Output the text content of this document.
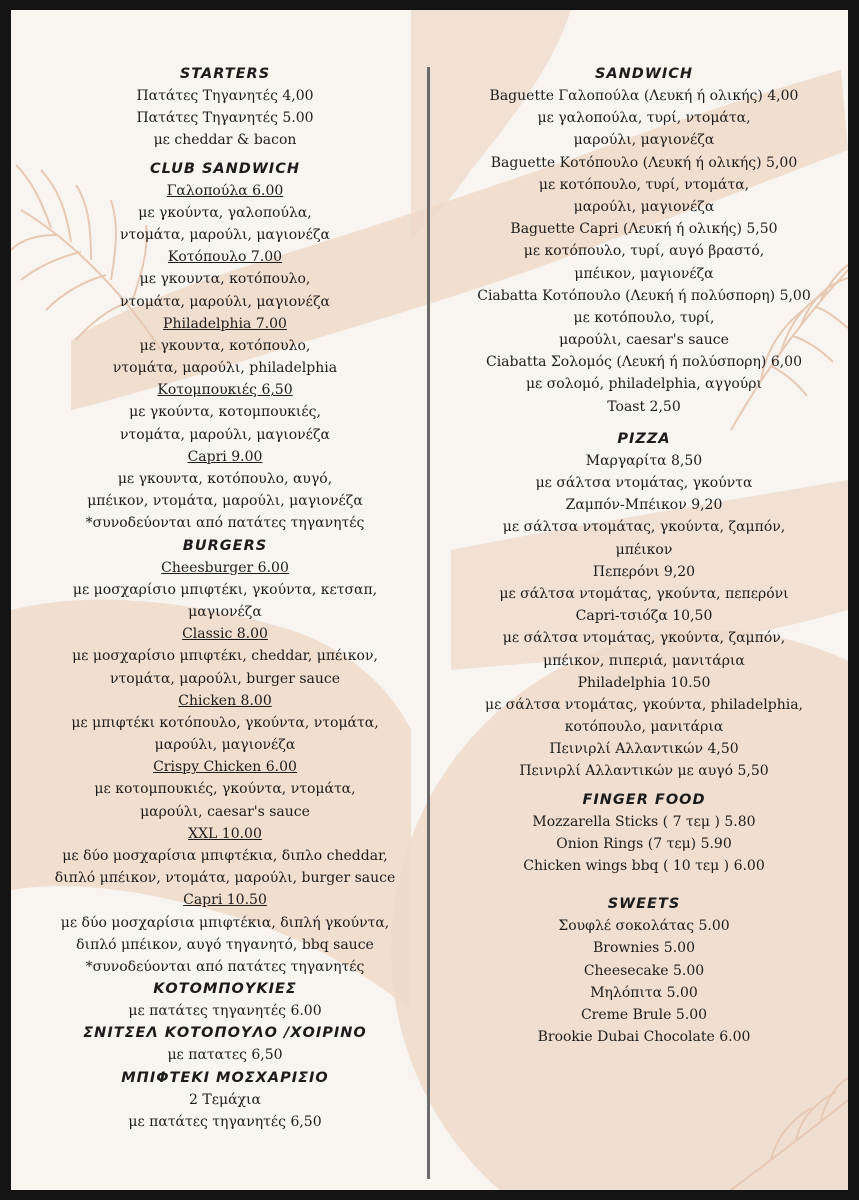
STARTERS
Πατάτες Τηγανητές 4,00
Πατάτες Τηγανητές 5.00
με cheddar & bacon
CLUB SANDWICH
Γαλοπούλα 6.00
με γκούντα, γαλοπούλα,
ντομάτα, μαρούλι, μαγιονέζα
Κοτόπουλο 7.00
με γκουντα, κοτόπουλο,
ντομάτα, μαρούλι, μαγιονέζα
Philadelphia 7.00
με γκουντα, κοτόπουλο,
ντομάτα, μαρούλι, philadelphia
Κοτομπουκιές 6,50
με γκούντα, κοτομπουκιές,
ντομάτα, μαρούλι, μαγιονέζα
Capri 9.00
με γκουντα, κοτόπουλο, αυγό,
μπέικον, ντομάτα, μαρούλι, μαγιονέζα
*συνοδεύονται από πατάτες τηγανητές
BURGERS
Cheesburger 6.00
με μοσχαρίσιο μπιφτέκι, γκούντα, κετσαπ,
μαγιονέζα
Classic 8.00
με μοσχαρίσιο μπιφτέκι, cheddar, μπέικον,
ντομάτα, μαρούλι, burger sauce
Chicken 8.00
με μπιφτέκι κοτόπουλο, γκούντα, ντομάτα,
μαρούλι, μαγιονέζα
Crispy Chicken 6.00
με κοτομπουκιές, γκούντα, ντομάτα,
μαρούλι, caesar's sauce
XXL 10.00
με δύο μοσχαρίσια μπιφτέκια, διπλο cheddar,
διπλό μπέικον, ντομάτα, μαρούλι, burger sauce
Capri 10.50
με δύο μοσχαρίσια μπιφτέκια, διπλή γκούντα,
διπλό μπέικον, αυγό τηγανητό, bbq sauce
*συνοδεύονται από πατάτες τηγανητές
ΚΟΤΟΜΠΟΥΚΙΕΣ
με πατάτες τηγανητές 6.00
ΣΝΙΤΣΕΛ ΚΟΤΟΠΟΥΛΟ /ΧΟΙΡΙΝΟ
με πατατες 6,50
ΜΠΙΦΤΕΚΙ ΜΟΣΧΑΡΙΣΙΟ
2 Τεμάχια
με πατάτες τηγανητές 6,50
SANDWICH
Baguette Γαλοπούλα (Λευκή ή ολικής) 4,00
με γαλοπούλα, τυρί, ντομάτα,
μαρούλι, μαγιονέζα
Baguette Κοτόπουλο (Λευκή ή ολικής) 5,00
με κοτόπουλο, τυρί, ντομάτα,
μαρούλι, μαγιονέζα
Baguette Capri (Λευκή ή ολικής) 5,50
με κοτόπουλο, τυρί, αυγό βραστό,
μπέικον, μαγιονέζα
Ciabatta Κοτόπουλο (Λευκή ή πολύσπορη) 5,00
με κοτόπουλο, τυρί,
μαρούλι, caesar's sauce
Ciabatta Σολομός (Λευκή ή πολύσπορη) 6,00
με σολομό, philadelphia, αγγούρι
Toast 2,50
PIZZA
Μαργαρίτα 8,50
με σάλτσα ντομάτας, γκούντα
Ζαμπόν-Μπέικον 9,20
με σάλτσα ντομάτας, γκούντα, ζαμπόν,
μπέικον
Πεπερόνι 9,20
με σάλτσα ντομάτας, γκούντα, πεπερόνι
Capri-τσιόζα 10,50
με σάλτσα ντομάτας, γκούντα, ζαμπόν,
μπέικον, πιπεριά, μανιτάρια
Philadelphia 10.50
με σάλτσα ντομάτας, γκούντα, philadelphia,
κοτόπουλο, μανιτάρια
Πεινιρλί Αλλαντικών 4,50
Πεινιρλί Αλλαντικών με αυγό 5,50
FINGER FOOD
Mozzarella Sticks ( 7 τεμ ) 5.80
Onion Rings (7 τεμ) 5.90
Chicken wings bbq ( 10 τεμ ) 6.00
SWEETS
Σουφλέ σοκολάτας 5.00
Brownies 5.00
Cheesecake 5.00
Μηλόπιτα 5.00
Creme Brule 5.00
Brookie Dubai Chocolate 6.00
